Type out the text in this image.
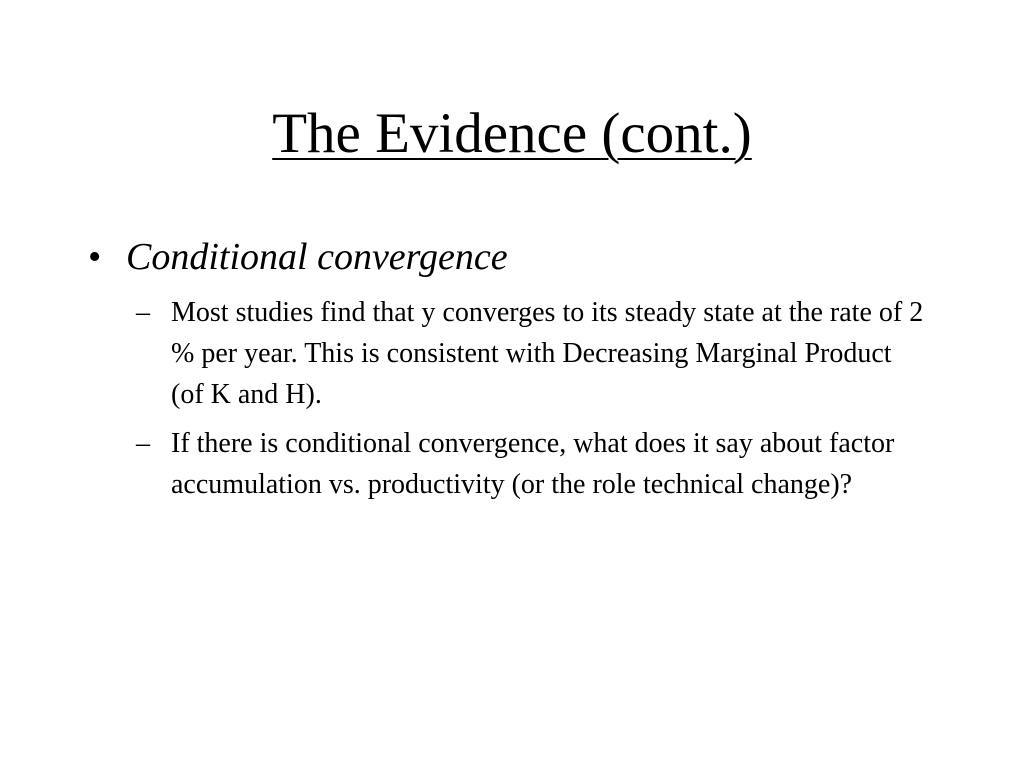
The Evidence (cont.)
• Conditional convergence
– Most studies find that y converges to its steady state at the rate of 2 % per year. This is consistent with Decreasing Marginal Product (of K and H).
– If there is conditional convergence, what does it say about factor accumulation vs. productivity (or the role technical change)?
